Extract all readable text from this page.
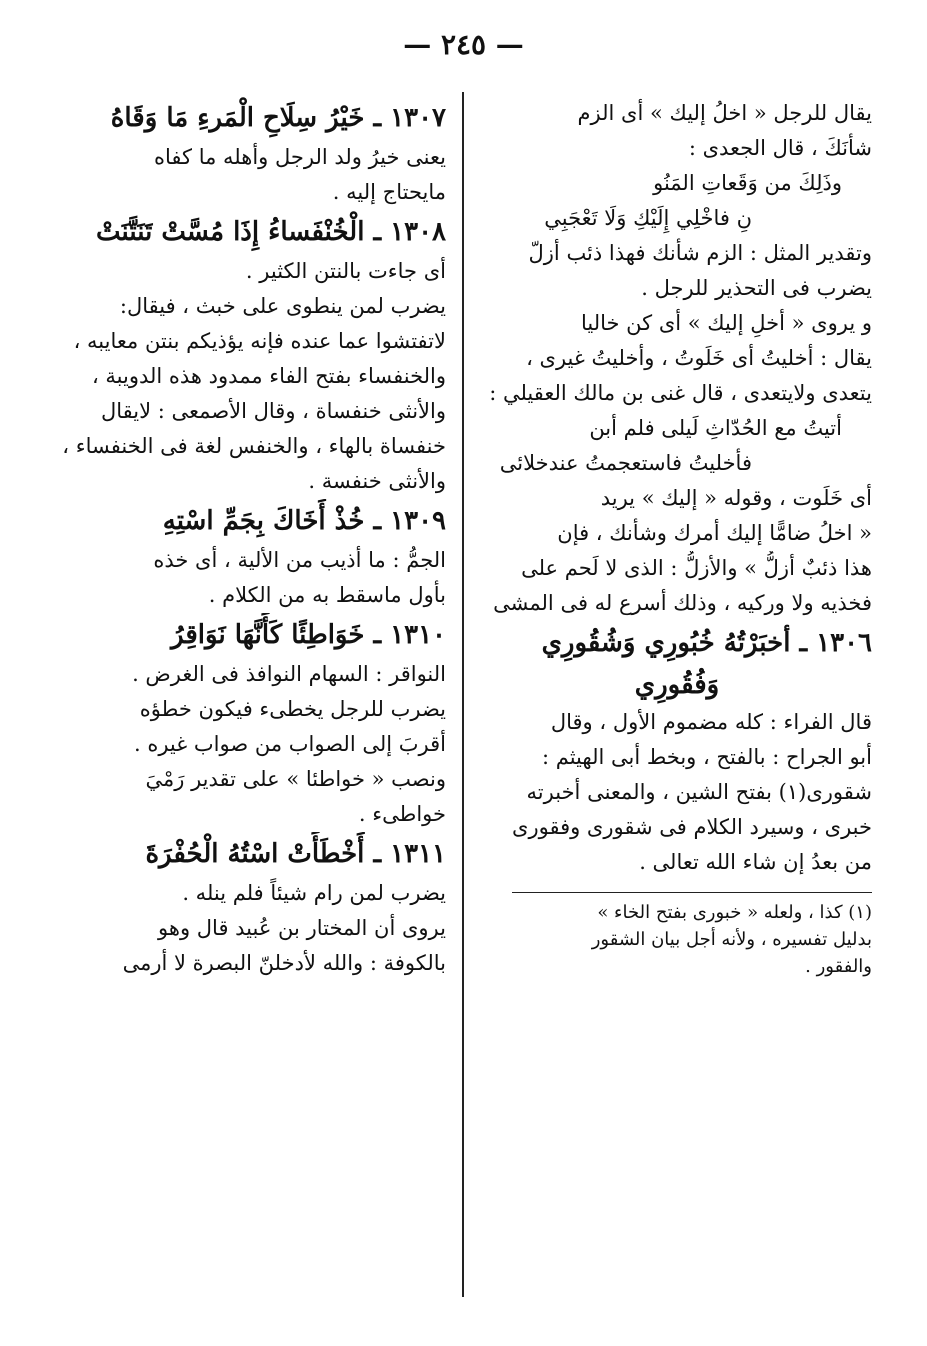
— ٢٤٥ —
يقال للرجل « اخلُ إليك » أى الزم
شأنَكَ ، قال الجعدى :
وذَلِكَ من وَقَعاتِ المَنُو
نِ فاخْلِي إِلَيْكِ وَلَا تَعْجَبِي
وتقدير المثل : الزم شأنك فهذا ذئب أزلّ
يضرب فى التحذير للرجل .
و يروى « أخلِ إليك » أى كن خاليا
يقال : أخليتُ أى خَلَوتُ ، وأخليتُ غيرى ،
يتعدى ولايتعدى ، قال غنى بن مالك العقيلي :
أتيتُ مع الحُدّاثِ لَيلى فلم أبن
فأخليتُ فاستعجمتُ عندخلائى
أى خَلَوت ، وقوله « إليك » يريد
« اخلُ ضامًّا إليك أمرك وشأنك ، فإن
هذا ذئبٌ أزلُّ » والأزلُّ : الذى لا لَحم على
فخذيه ولا وركيه ، وذلك أسرع له فى المشى
١٣٠٦ ـ أخبَرْتُهُ خُبُورِي وَشُقُورِي
وَفُقُورِي
قال الفراء : كله مضموم الأول ، وقال
أبو الجراح : بالفتح ، وبخط أبى الهيثم :
شقورى(١) بفتح الشين ، والمعنى أخبرته
خبرى ، وسيرد الكلام فى شقورى وفقورى
من بعدُ إن شاء الله تعالى .
(١) كذا ، ولعله « خبورى بفتح الخاء »
بدليل تفسيره ، ولأنه أجل بيان الشقور
والفقور .
١٣٠٧ ـ خَيْرُ سِلَاحِ الْمَرءِ مَا وَقَاهُ
يعنى خيرُ ولد الرجل وأهله ما كفاه
مايحتاج إليه .
١٣٠٨ ـ الْخُنْفَساءُ إِذَا مُسَّتْ تَنَتَّنَتْ
أى جاءت بالنتن الكثير .
يضرب لمن ينطوى على خبث ، فيقال:
لاتفتشوا عما عنده فإنه يؤذيكم بنتن معايبه ،
والخنفساء بفتح الفاء ممدود هذه الدويبة ،
والأنثى خنفساة ، وقال الأصمعى : لايقال
خنفساة بالهاء ، والخنفس لغة فى الخنفساء ،
والأنثى خنفسة .
١٣٠٩ ـ خُذْ أَخَاكَ بِجَمِّ اسْتِهِ
الجمُّ : ما أذيب من الألية ، أى خذه
بأول ماسقط به من الكلام .
١٣١٠ ـ خَوَاطِئًا كَأَنَّهَا نَوَاقِرُ
النواقر : السهام النوافذ فى الغرض .
يضرب للرجل يخطىء فيكون خطؤه
أقربَ إلى الصواب من صواب غيره .
ونصب « خواطئا » على تقدير رَمْيَ
خواطىء .
١٣١١ ـ أَخْطَأَتْ اسْتُهُ الْحُفْرَةَ
يضرب لمن رام شيئاً فلم ينله .
يروى أن المختار بن عُبيد قال وهو
بالكوفة : والله لأدخلنّ البصرة لا أرمى
